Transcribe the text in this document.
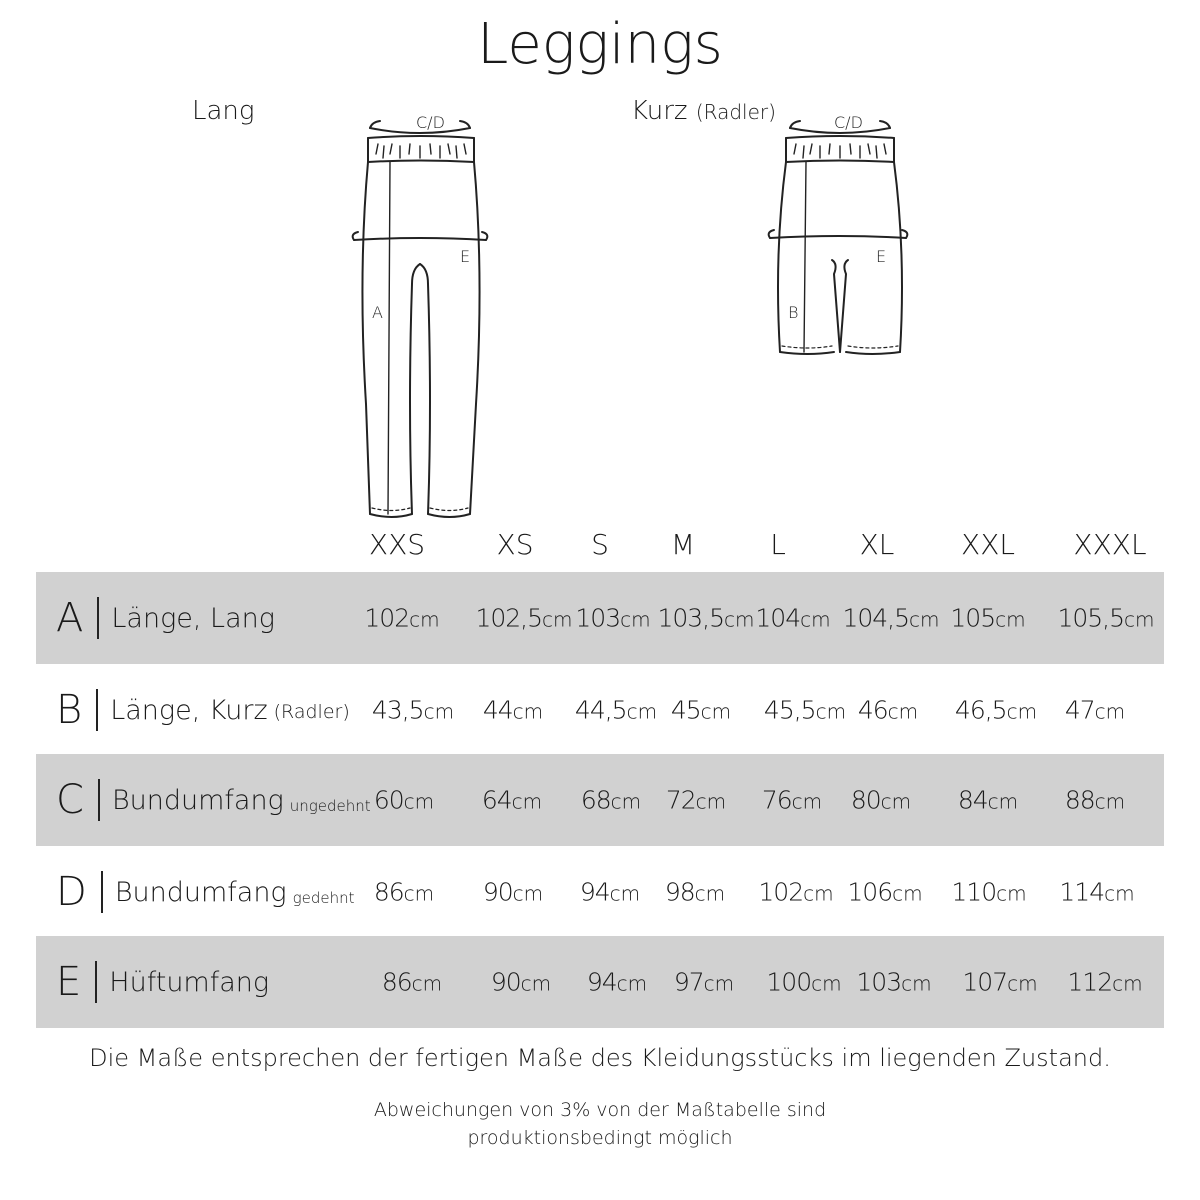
Leggings
Lang	Kurz (Radler)
C/D
E
A
C/D
E
B
XXS	XS S M	L	XL XXL XXXL
A Länge, Lang	102cm 102,5cm 103cm 103,5cm 104cm 104,5cm 105cm 105,5cm
B Länge, Kurz (Radler) 43,5cm 44cm 44,5cm 45cm 45,5cm 46cm 46,5cm 47cm
C Bundumfang ungedehnt 60cm 64cm 68cm 72cm 76cm 80cm 84cm 88cm
D Bundumfang gedehnt 86cm 90cm 94cm 98cm 102cm 106cm 110cm 114cm
E Hüftumfang	86cm 90cm 94cm 97cm 100cm 103cm 107cm 112cm
Die Maße entsprechen der fertigen Maße des Kleidungsstücks im liegenden Zustand.
Abweichungen von 3% von der Maßtabelle sind
produktionsbedingt möglich
